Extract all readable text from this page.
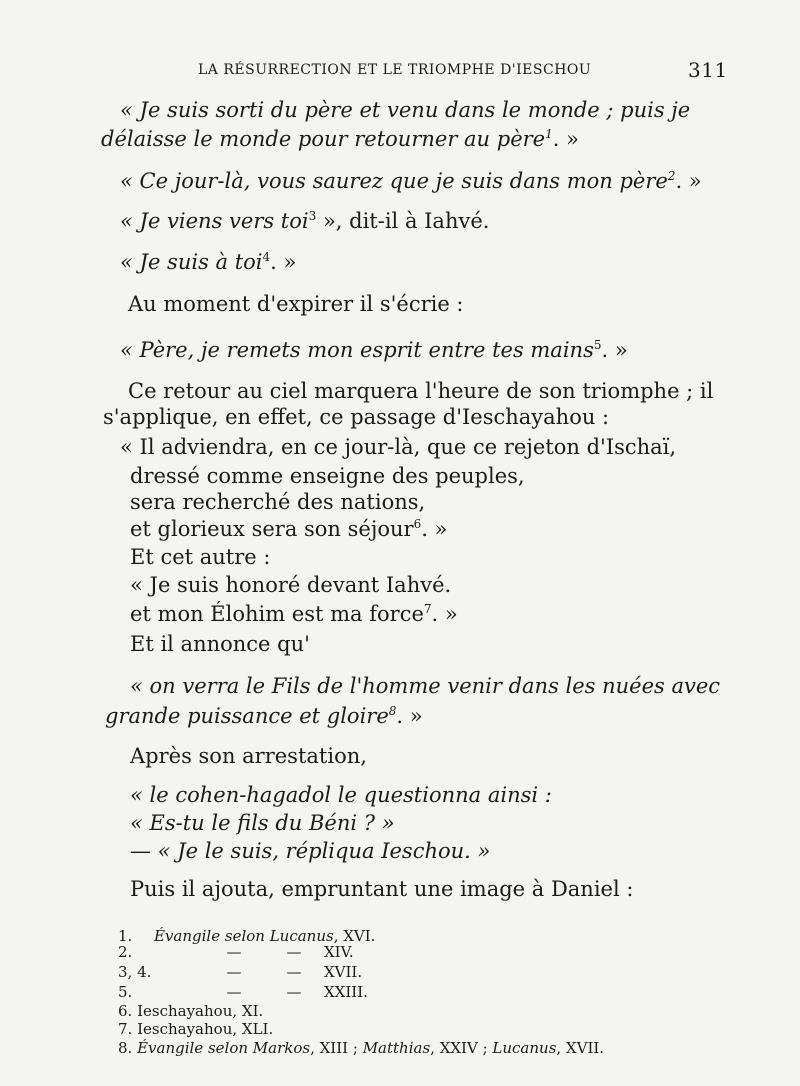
LA RÉSURRECTION ET LE TRIOMPHE D'IESCHOU	311
« Je suis sorti du père et venu dans le monde ; puis je
délaisse le monde pour retourner au père$^1$. »
« Ce jour-là, vous saurez que je suis dans mon père$^2$. »
« Je viens vers toi$^3$ », dit-il à Iahvé.
« Je suis à toi$^4$. »
Au moment d'expirer il s'écrie :
« Père, je remets mon esprit entre tes mains$^5$. »
Ce retour au ciel marquera l'heure de son triomphe ; il
s'applique, en effet, ce passage d'Ieschayahou :
« Il adviendra, en ce jour-là, que ce rejeton d'Ischaï,
dressé comme enseigne des peuples,
sera recherché des nations,
et glorieux sera son séjour$^6$. »
Et cet autre :
« Je suis honoré devant Iahvé.
et mon Élohim est ma force$^7$. »
Et il annonce qu'
« on verra le Fils de l'homme venir dans les nuées avec
grande puissance et gloire$^8$. »
Après son arrestation,
« le cohen-hagadol le questionna ainsi :
« Es-tu le fils du Béni ? »
— « Je le suis, répliqua Ieschou. »
Puis il ajouta, empruntant une image à Daniel :
1. Évangile selon Lucanus, XVI.
2.	—	— XIV.
3, 4.	—	— XVII.
5.	—	— XXIII.
6. Ieschayahou, XI.
7. Ieschayahou, XLI.
8. Évangile selon Markos, XIII ; Matthias, XXIV ; Lucanus, XVII.
